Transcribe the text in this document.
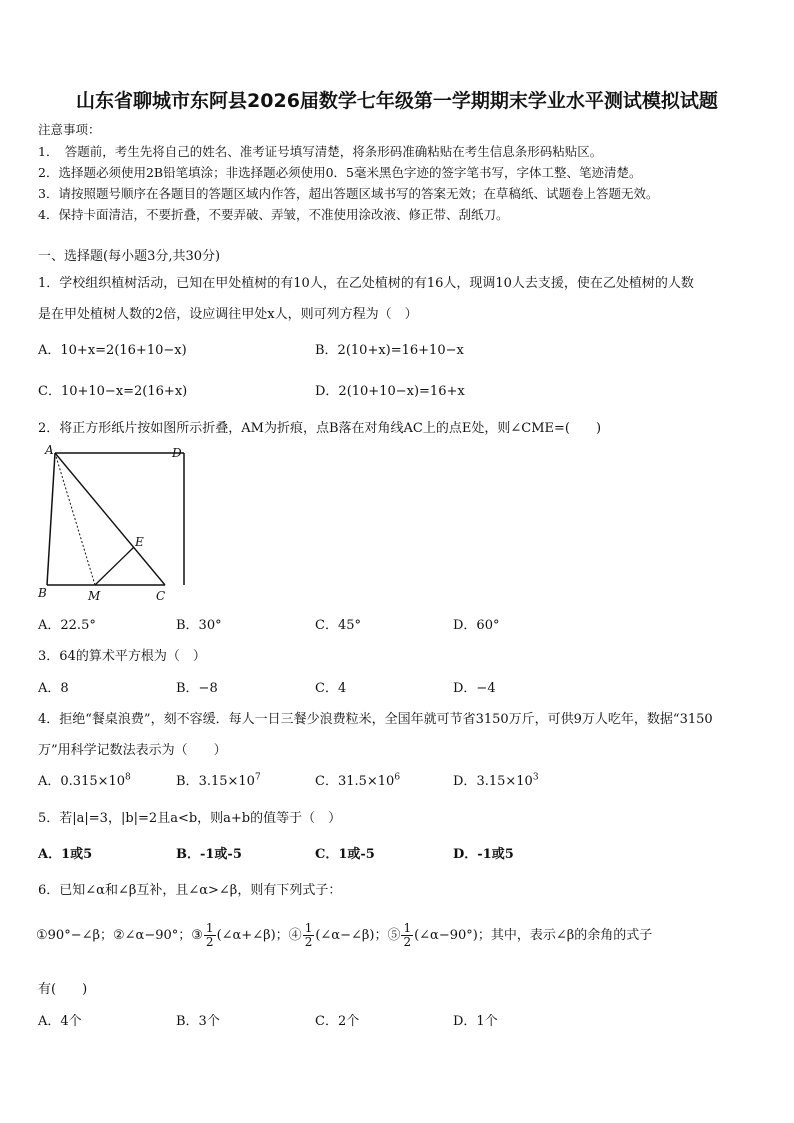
山东省聊城市东阿县2026届数学七年级第一学期期末学业水平测试模拟试题
注意事项：
1．　答题前，考生先将自己的姓名、准考证号填写清楚，将条形码准确粘贴在考生信息条形码粘贴区。
2．选择题必须使用2B铅笔填涂；非选择题必须使用0．5毫米黑色字迹的签字笔书写，字体工整、笔迹清楚。
3．请按照题号顺序在各题目的答题区域内作答，超出答题区域书写的答案无效；在草稿纸、试题卷上答题无效。
4．保持卡面清洁，不要折叠，不要弄破、弄皱，不准使用涂改液、修正带、刮纸刀。
一、选择题(每小题3分,共30分)
1．学校组织植树活动，已知在甲处植树的有10人，在乙处植树的有16人，现调10人去支援，使在乙处植树的人数
是在甲处植树人数的2倍，设应调往甲处x人，则可列方程为（　）
A．10+x=2(16+10−x)	B．2(10+x)=16+10−x
C．10+10−x=2(16+x)	D．2(10+10−x)=16+x
2．将正方形纸片按如图所示折叠，AM为折痕，点B落在对角线AC上的点E处，则∠CME=(　　)
A	D
E
B	M	C
A．22.5°	B．30°	C．45°	D．60°
3．64的算术平方根为（　）
A．8	B．−8	C．4	D．−4
4．拒绝“餐桌浪费”，刻不容缓．每人一日三餐少浪费粒米，全国年就可节省3150万斤，可供9万人吃年，数据“3150
万”用科学记数法表示为（　　）
A．$0.315\times 10^8$	B．$3.15\times 10^7$	C．$31.5\times 10^6$	D．$3.15\times 10^3$
5．若|a|=3，|b|=2且a<b，则a+b的值等于（　）
A．1或5	B．-1或-5	C．1或-5	D．-1或5
6．已知∠α和∠β互补，且∠α>∠β，则有下列式子：
①90°−∠β；②∠α−90°；③ $\frac{1}{2}$ (∠α+∠β)；④ $\frac{1}{2}$ (∠α−∠β)；⑤ $\frac{1}{2}$ (∠α−90°)；其中，表示∠β的余角的式子
有(　　)
A．4个	B．3个	C．2个	D．1个
